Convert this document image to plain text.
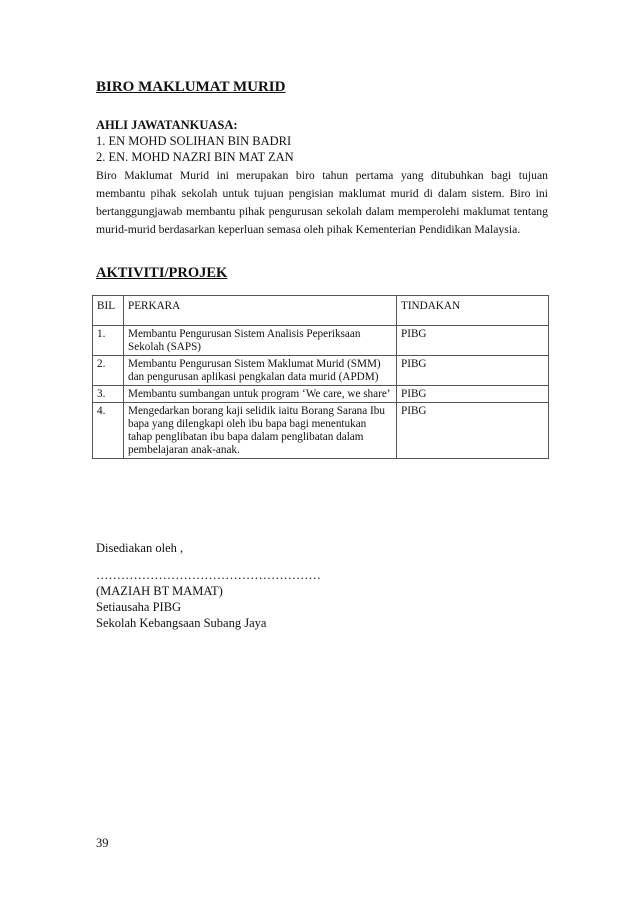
BIRO MAKLUMAT MURID
AHLI JAWATANKUASA:
1. EN MOHD SOLIHAN BIN BADRI
2. EN. MOHD NAZRI BIN MAT ZAN

Biro Maklumat Murid ini merupakan biro tahun pertama yang ditubuhkan bagi tujuan membantu pihak sekolah untuk tujuan pengisian maklumat murid di dalam sistem. Biro ini bertanggungjawab membantu pihak pengurusan sekolah dalam memperolehi maklumat tentang murid-murid berdasarkan keperluan semasa oleh pihak Kementerian Pendidikan Malaysia.

AKTIVITI/PROJEK
BIL	PERKARA	TINDAKAN
1.	Membantu Pengurusan Sistem Analisis Peperiksaan Sekolah (SAPS)	PIBG
2.	Membantu Pengurusan Sistem Maklumat Murid (SMM) dan pengurusan aplikasi pengkalan data murid (APDM)	PIBG
3.	Membantu sumbangan untuk program ‘We care, we share’	PIBG
4.	Mengedarkan borang kaji selidik iaitu Borang Sarana Ibu bapa yang dilengkapi oleh ibu bapa bagi menentukan tahap penglibatan ibu bapa dalam penglibatan dalam pembelajaran anak-anak.	PIBG

Disediakan oleh ,

………………………………………………
(MAZIAH BT MAMAT)
Setiausaha PIBG
Sekolah Kebangsaan Subang Jaya

39
